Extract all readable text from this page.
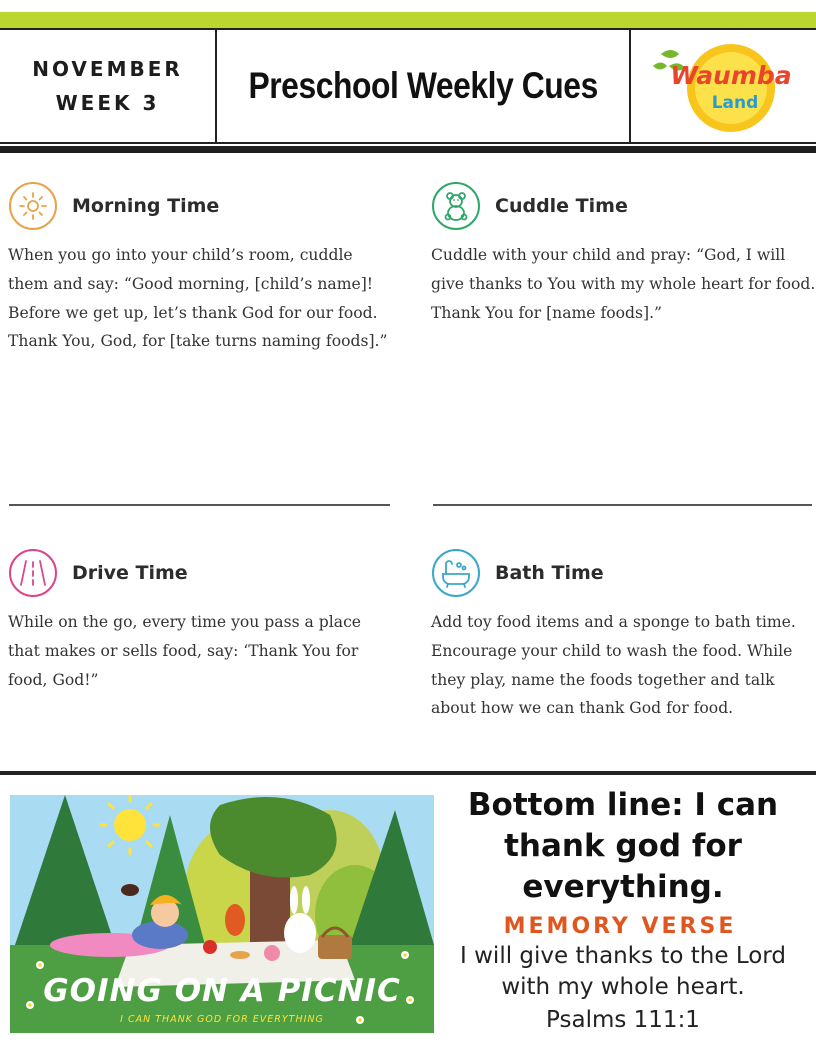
NOVEMBER
WEEK 3 Preschool Weekly Cues	Waumba
Land
Morning Time
When you go into your child’s room, cuddle them and say: “Good morning, [child’s name]! Before we get up, let’s thank God for our food. Thank You, God, for [take turns naming foods].”
Cuddle Time
Cuddle with your child and pray: “God, I will give thanks to You with my whole heart for food. Thank You for [name foods].”
Drive Time
While on the go, every time you pass a place that makes or sells food, say: ‘Thank You for food, God!”
Bath Time
Add toy food items and a sponge to bath time. Encourage your child to wash the food. While they play, name the foods together and talk about how we can thank God for food.
GOING ON A PICNIC
I CAN THANK GOD FOR EVERYTHING

Bottom line: I can thank god for everything.

MEMORY VERSE
I will give thanks to the Lord with my whole heart.
Psalms 111:1
